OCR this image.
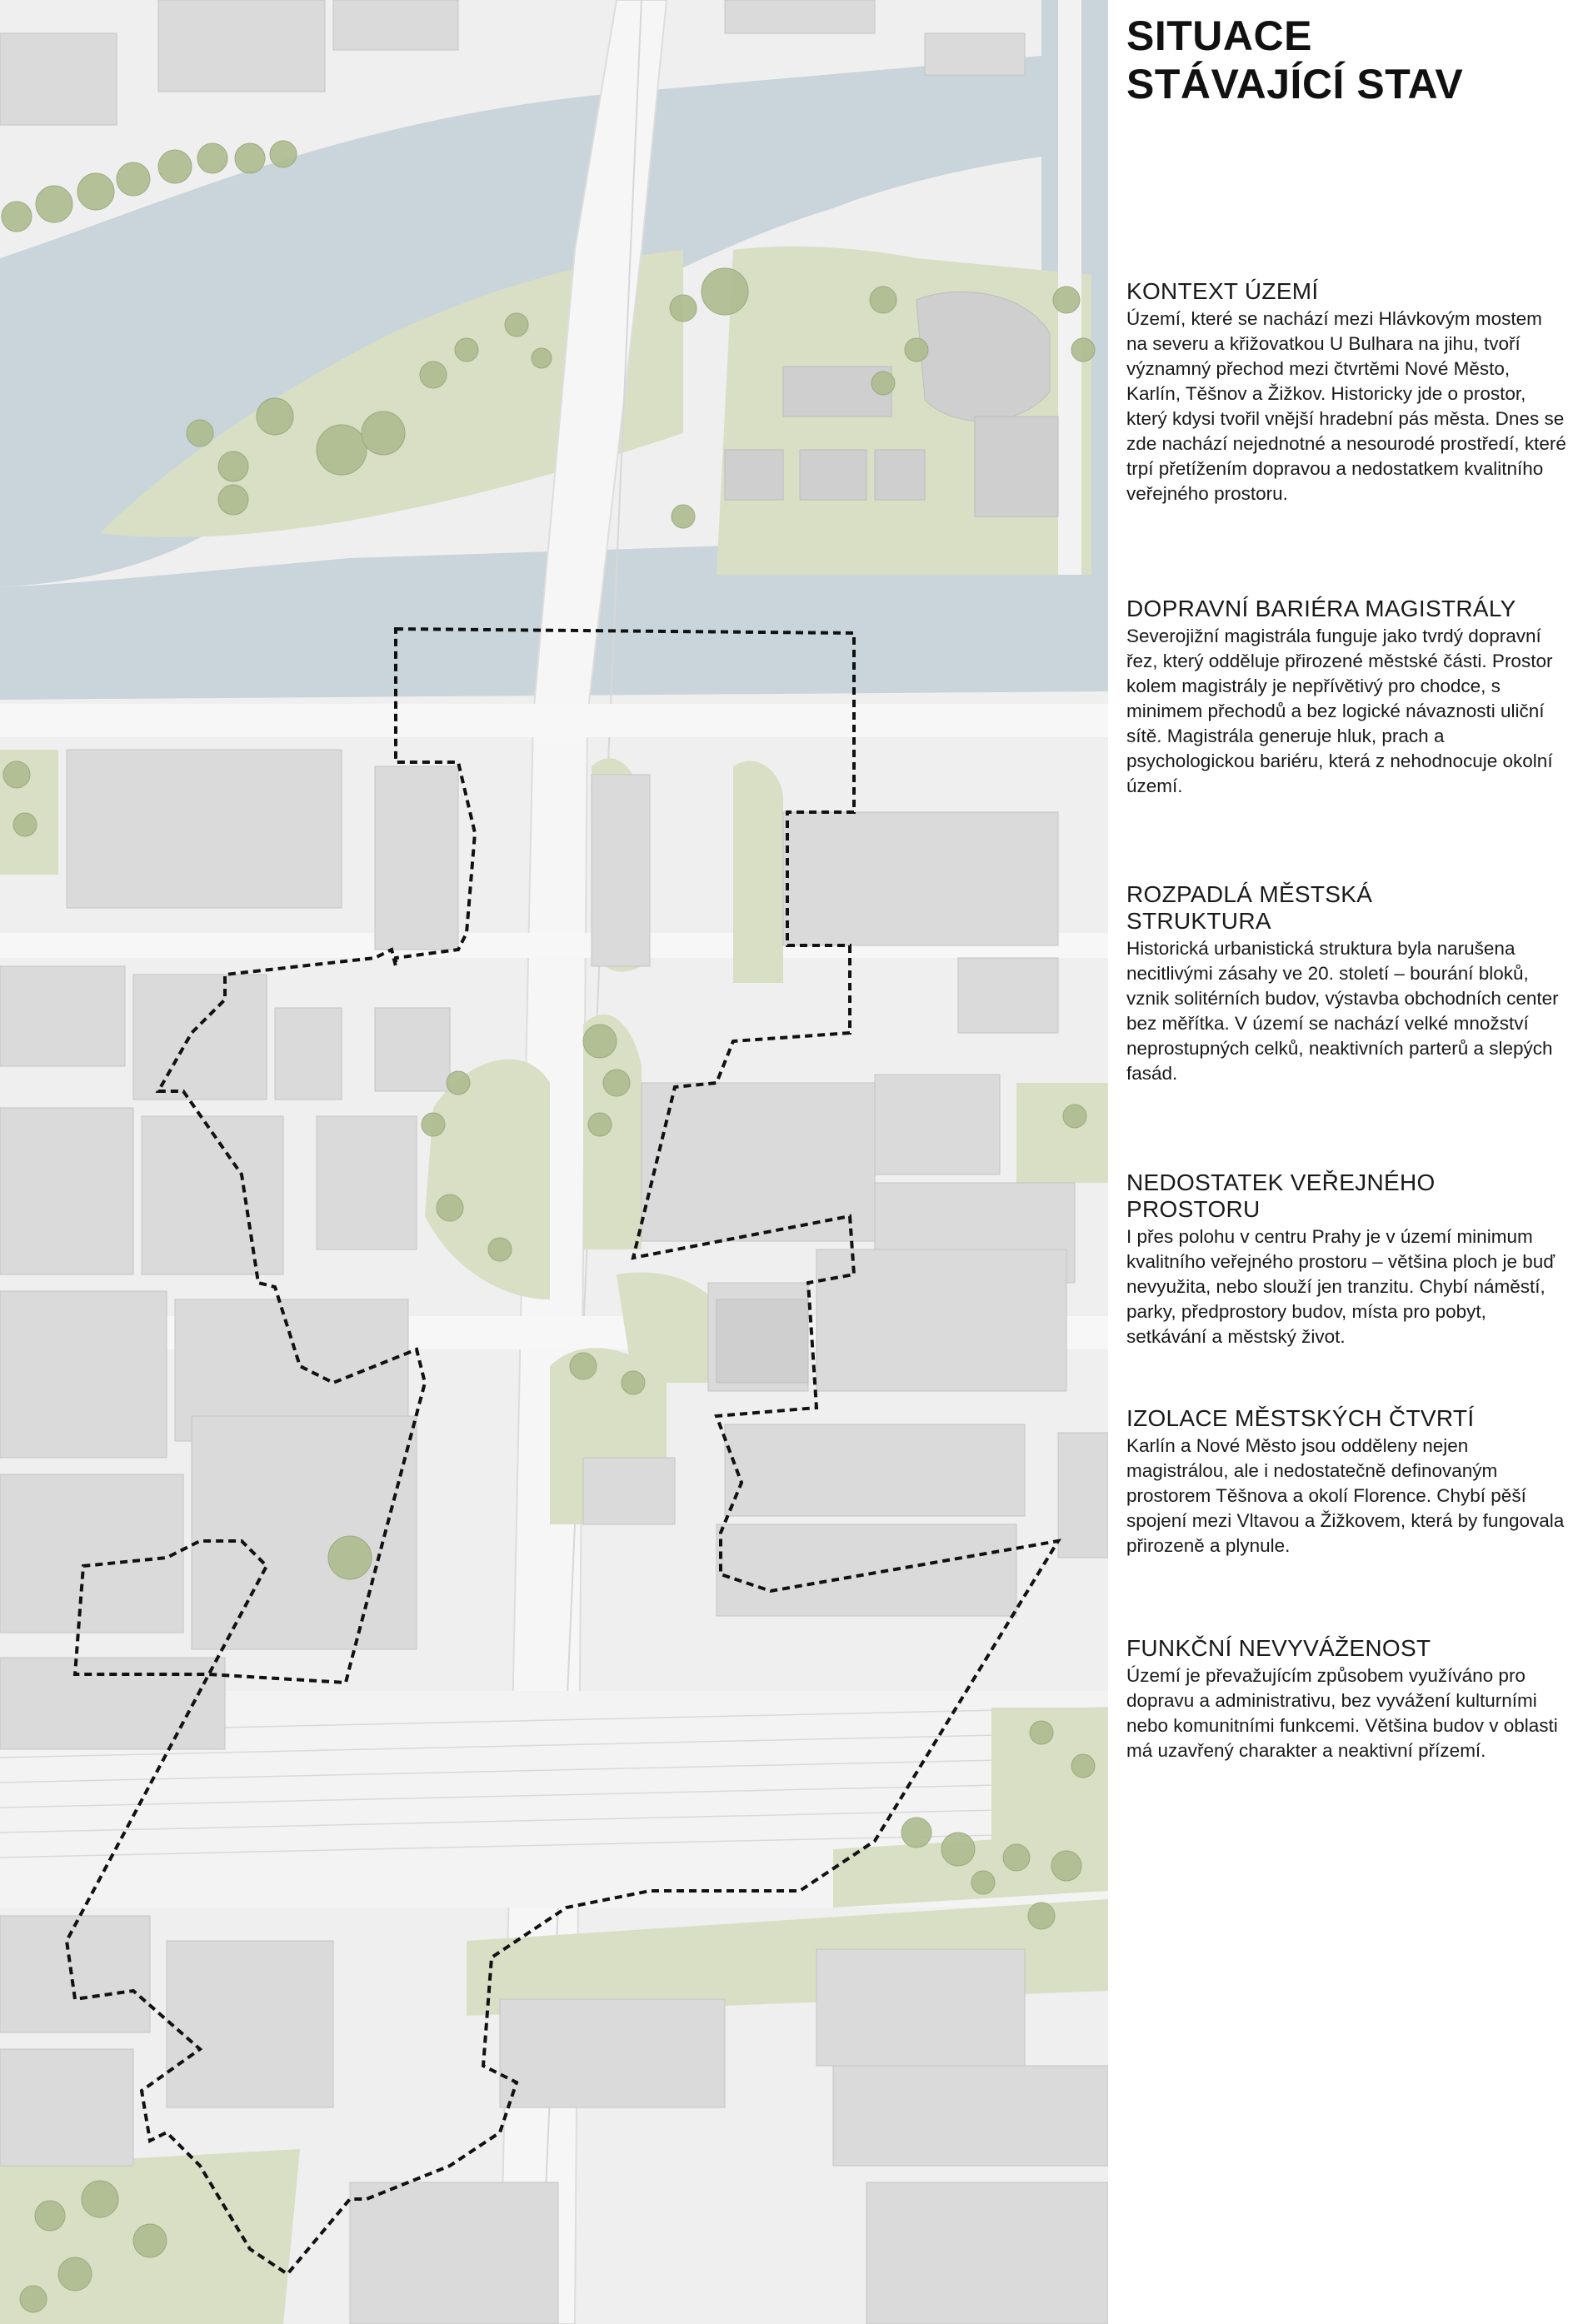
SITUACE
STÁVAJÍCÍ STAV
KONTEXT ÚZEMÍ

Území, které se nachází mezi Hlávkovým mostem na severu a křižovatkou U Bulhara na jihu, tvoří významný přechod mezi čtvrtěmi Nové Město, Karlín, Těšnov a Žižkov. Historicky jde o prostor, který kdysi tvořil vnější hradební pás města. Dnes se zde nachází nejednotné a nesourodé prostředí, které trpí přetížením dopravou a nedostatkem kvalitního veřejného prostoru.

DOPRAVNÍ BARIÉRA MAGISTRÁLY

Severojižní magistrála funguje jako tvrdý dopravní řez, který odděluje přirozené městské části. Prostor kolem magistrály je nepřívětivý pro chodce, s minimem přechodů a bez logické návaznosti uliční sítě. Magistrála generuje hluk, prach a psychologickou bariéru, která z nehodnocuje okolní území.

ROZPADLÁ MĚSTSKÁ
STRUKTURA

Historická urbanistická struktura byla narušena necitlivými zásahy ve 20. století – bourání bloků, vznik solitérních budov, výstavba obchodních center bez měřítka. V území se nachází velké množství neprostupných celků, neaktivních parterů a slepých fasád.

NEDOSTATEK VEŘEJNÉHO
PROSTORU

I přes polohu v centru Prahy je v území minimum kvalitního veřejného prostoru – většina ploch je buď nevyužita, nebo slouží jen tranzitu. Chybí náměstí, parky, předprostory budov, místa pro pobyt, setkávání a městský život.

IZOLACE MĚSTSKÝCH ČTVRTÍ

Karlín a Nové Město jsou odděleny nejen magistrálou, ale i nedostatečně definovaným prostorem Těšnova a okolí Florence. Chybí pěší spojení mezi Vltavou a Žižkovem, která by fungovala přirozeně a plynule.

FUNKČNÍ NEVYVÁŽENOST

Území je převažujícím způsobem využíváno pro dopravu a administrativu, bez vyvážení kulturními nebo komunitními funkcemi. Většina budov v oblasti má uzavřený charakter a neaktivní přízemí.
